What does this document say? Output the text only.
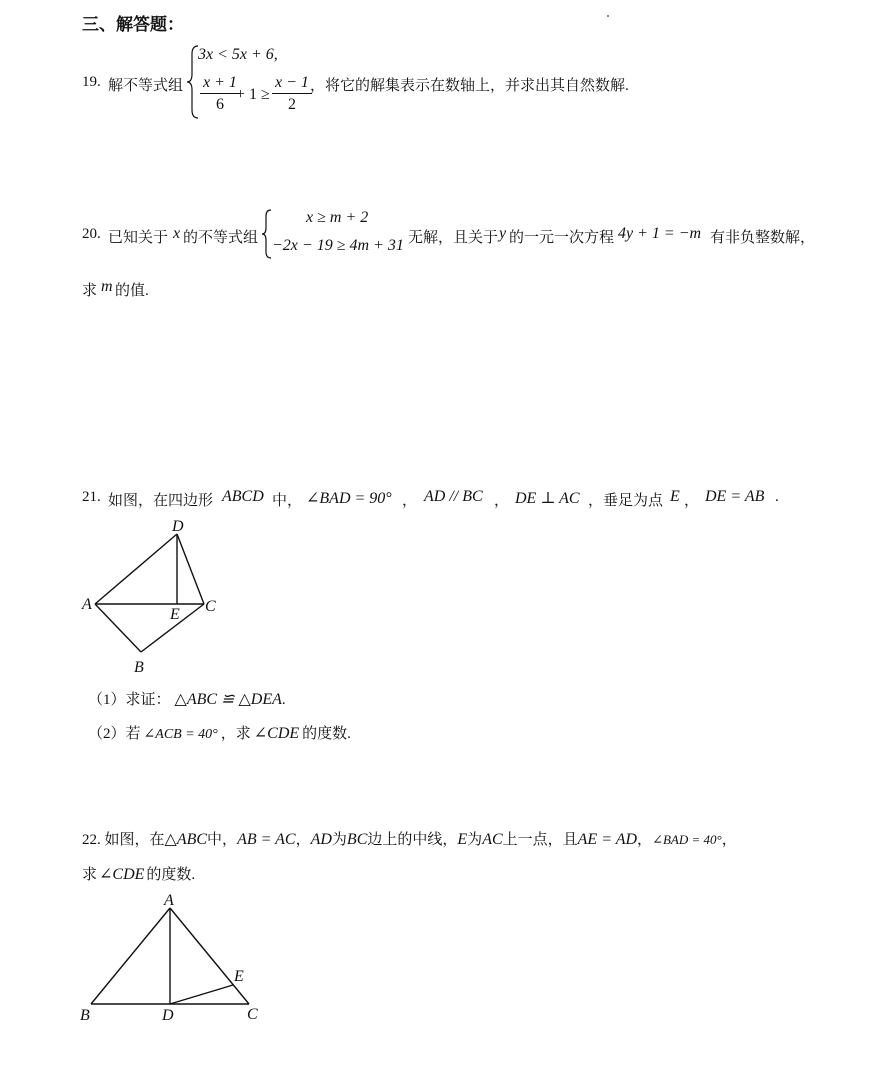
三、解答题：
19. 解不等式组
3x < 5x + 6,
$\frac{x + 1}{6}$
+ $1 \ge \frac{x - 1}{2}$
，将它的解集表示在数轴上，并求出其自然数解.
20. 已知关于 x 的不等式组
x ≥ m + 2
−2x − 19 ≥ 4m + 31 无解，且关于 y 的一元一次方程 4y + 1 = −m 有非负整数解，
求 m 的值.
21. 如图，在四边形 ABCD 中， ∠BAD = 90° ， AD // BC ， DE ⊥ AC ，垂足为点 E ， DE = AB .
D
A
E C
B
（1）求证： △ABC ≌ △DEA.
（2）若 ∠ACB = 40° ，求 ∠CDE 的度数.
22. 如图，在△ABC中，AB = AC，AD为BC边上的中线，E为AC上一点，且AE = AD，∠BAD = 40°，
求 ∠CDE 的度数.
A
E
B	D	C
